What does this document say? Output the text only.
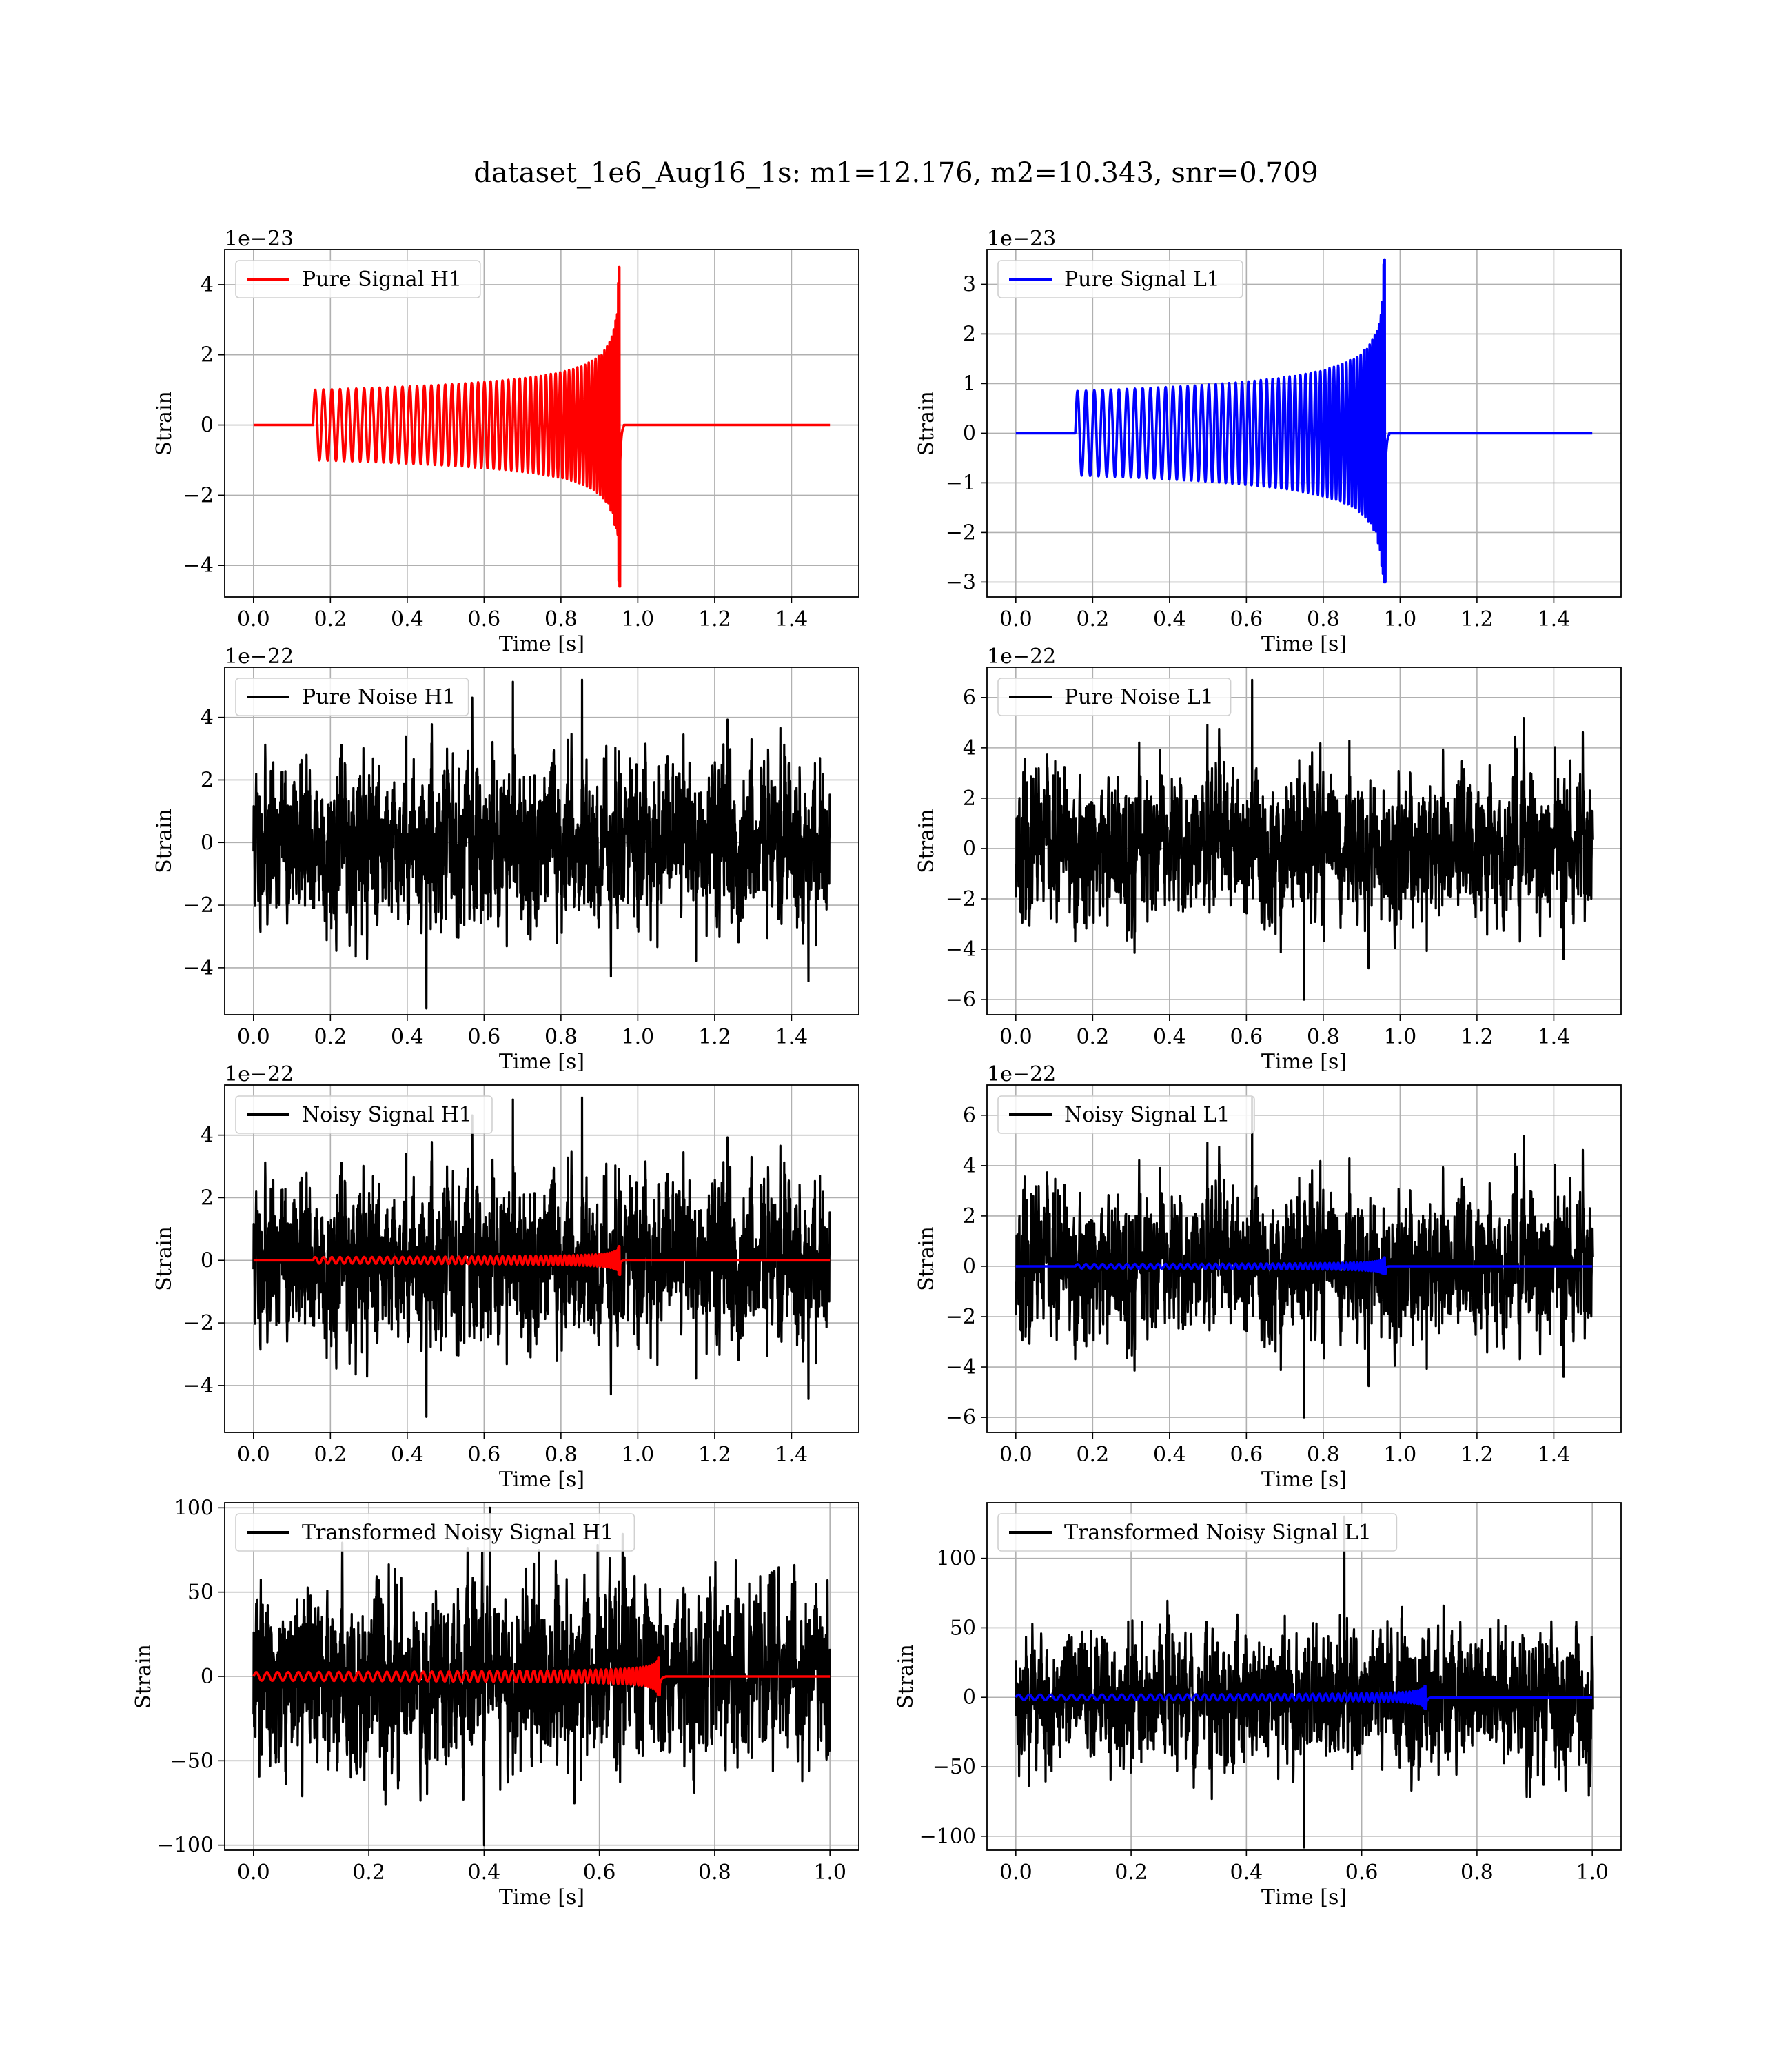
dataset_1e6_Aug16_1s: m1=12.176, m2=10.343, snr=0.709
0.0 0.2 0.4 0.6 0.8 1.0 1.2 1.4
−4
−2
0
2
4
Time [s]
Strain
1e−23
Pure Signal H1
0.0 0.2 0.4 0.6 0.8 1.0 1.2 1.4
−3
−2
−1
0
1
2
3
Time [s]
Strain
1e−23
Pure Signal L1
0.0 0.2 0.4 0.6 0.8 1.0 1.2 1.4
−4
−2
0
2
4
Time [s]
Strain
1e−22
Pure Noise H1
0.0 0.2 0.4 0.6 0.8 1.0 1.2 1.4
−6
−4
−2
0
2
4
6
Time [s]
Strain
1e−22
Pure Noise L1
0.0 0.2 0.4 0.6 0.8 1.0 1.2 1.4
−4
−2
0
2
4
Time [s]
Strain
1e−22
Noisy Signal H1
0.0 0.2 0.4 0.6 0.8 1.0 1.2 1.4
−6
−4
−2
0
2
4
6
Time [s]
Strain
1e−22
Noisy Signal L1
0.0	0.2	0.4	0.6	0.8	1.0
−100
−50
0
50
100
Time [s]
Strain
Transformed Noisy Signal H1
0.0	0.2	0.4	0.6	0.8	1.0
−100
−50
0
50
100
Time [s]
Strain
Transformed Noisy Signal L1
